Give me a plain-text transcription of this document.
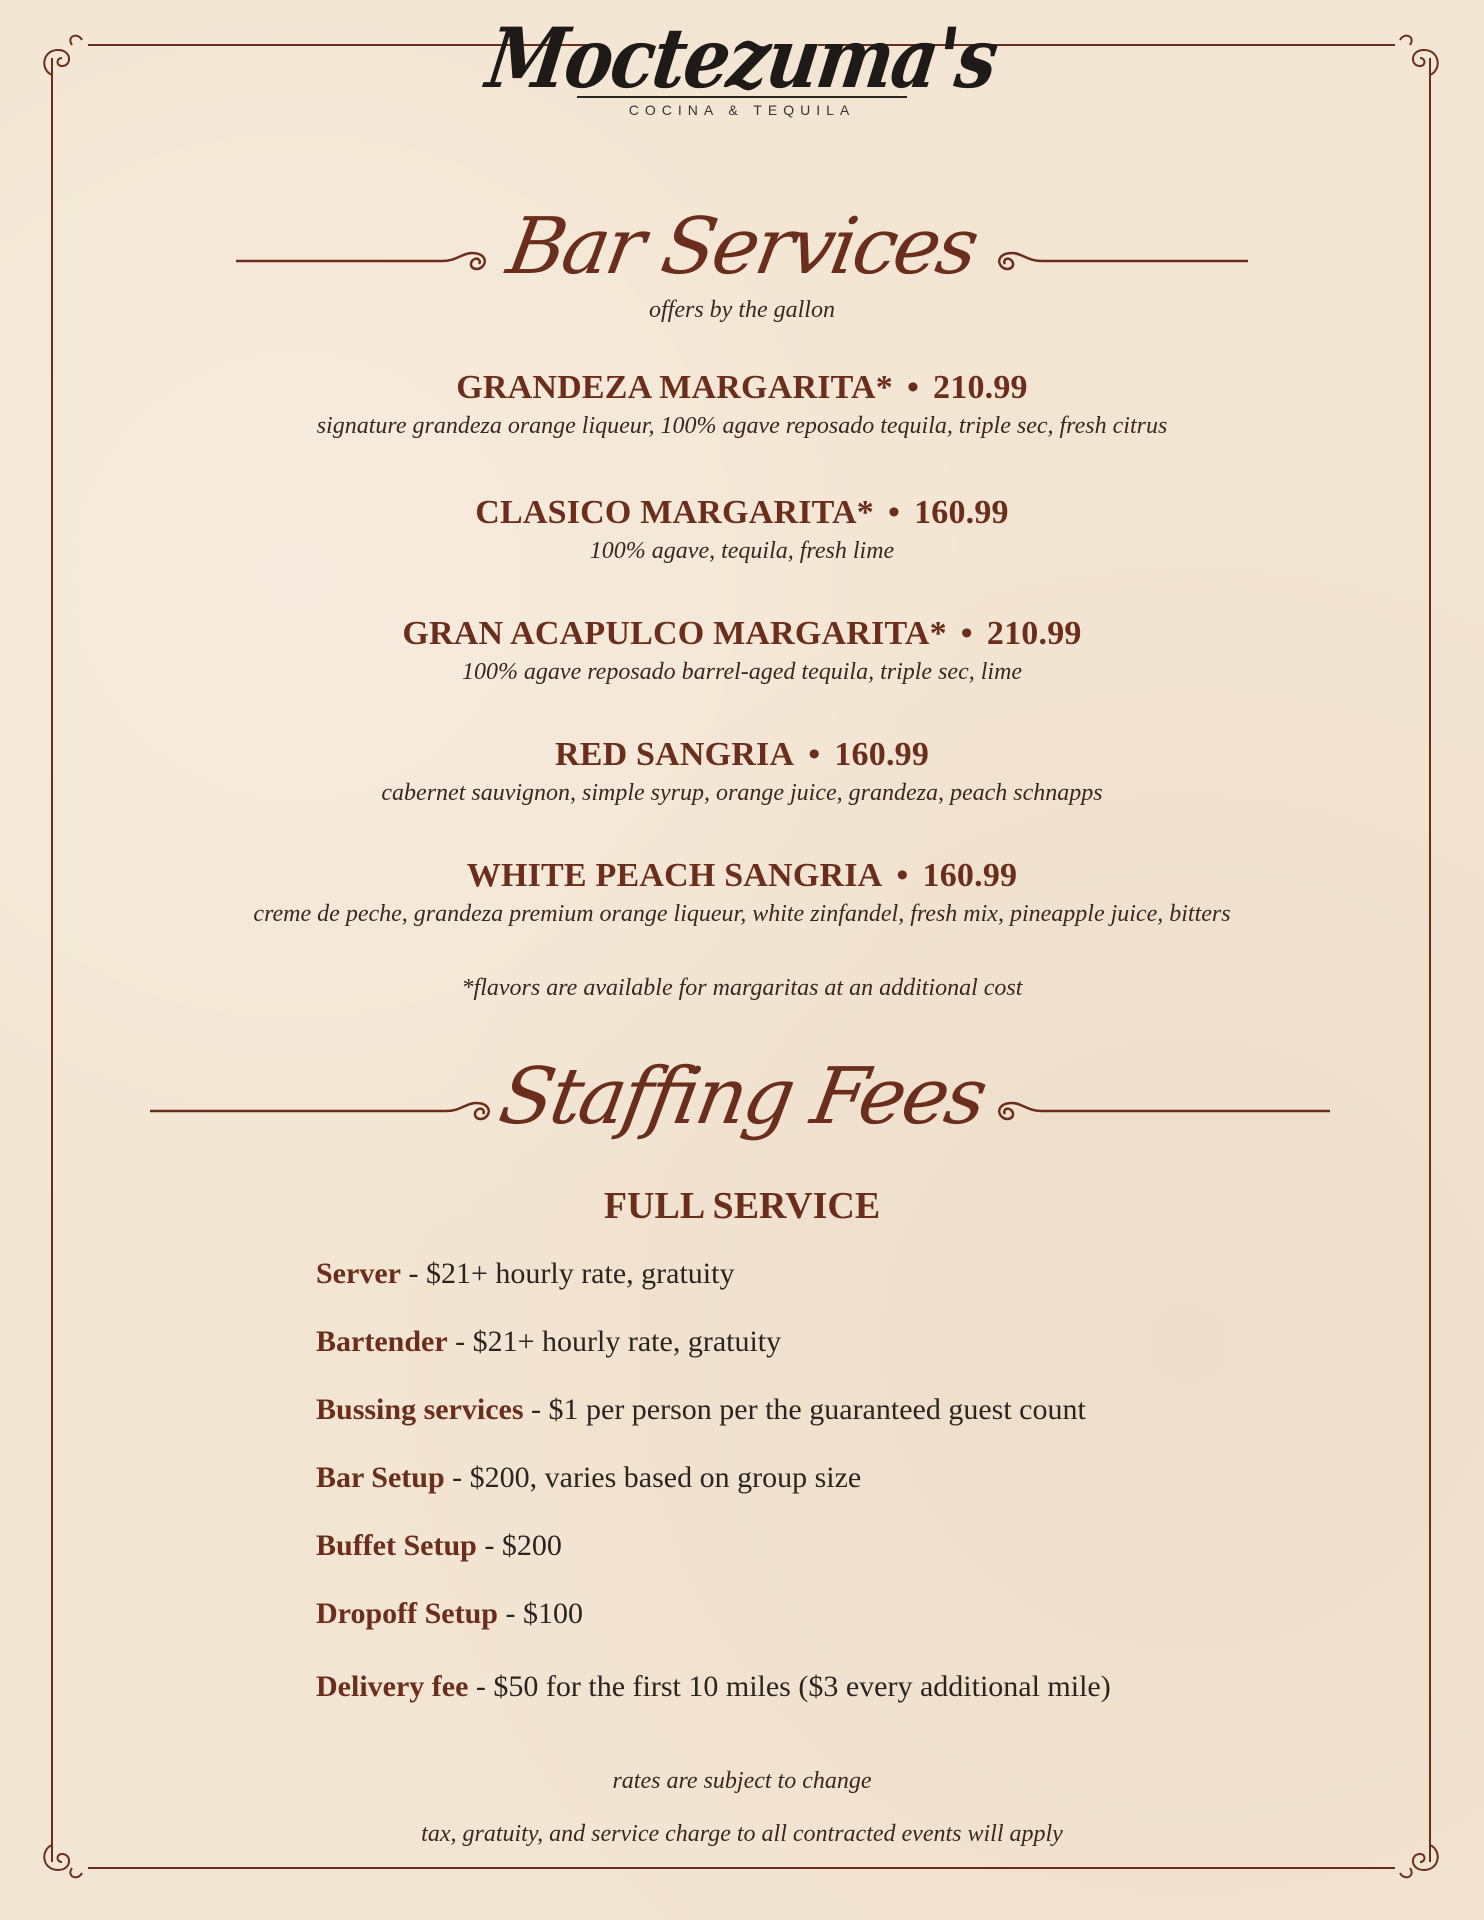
Moctezuma's
COCINA & TEQUILA
Bar Services
offers by the gallon
GRANDEZA MARGARITA* • 210.99
signature grandeza orange liqueur, 100% agave reposado tequila, triple sec, fresh citrus
CLASICO MARGARITA* • 160.99
100% agave, tequila, fresh lime
GRAN ACAPULCO MARGARITA* • 210.99
100% agave reposado barrel-aged tequila, triple sec, lime
RED SANGRIA • 160.99
cabernet sauvignon, simple syrup, orange juice, grandeza, peach schnapps
WHITE PEACH SANGRIA • 160.99
creme de peche, grandeza premium orange liqueur, white zinfandel, fresh mix, pineapple juice, bitters
*flavors are available for margaritas at an additional cost
Staffing Fees
FULL SERVICE
Server - $21+ hourly rate, gratuity
Bartender - $21+ hourly rate, gratuity
Bussing services - $1 per person per the guaranteed guest count
Bar Setup - $200, varies based on group size
Buffet Setup - $200
Dropoff Setup - $100
Delivery fee - $50 for the first 10 miles ($3 every additional mile)
rates are subject to change
tax, gratuity, and service charge to all contracted events will apply
